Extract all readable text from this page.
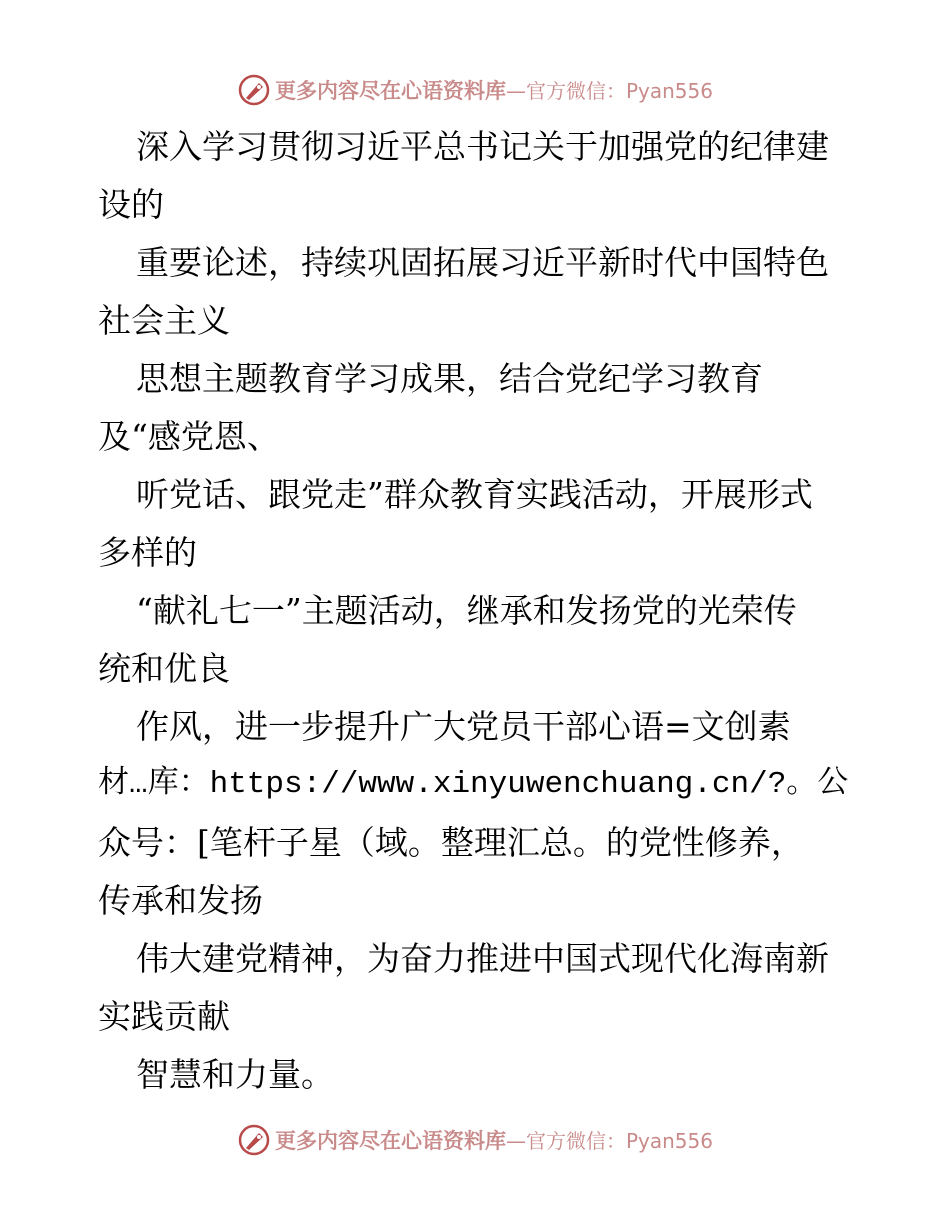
更多内容尽在心语资料库—官方微信：Pyan556
深入学习贯彻习近平总书记关于加强党的纪律建
设的
重要论述，持续巩固拓展习近平新时代中国特色
社会主义
思想主题教育学习成果，结合党纪学习教育
及“感党恩、
听党话、跟党走”群众教育实践活动，开展形式
多样的
“献礼七一”主题活动，继承和发扬党的光荣传
统和优良
作风，进一步提升广大党员干部心语=文创素
材…库：https://www.xinyuwenchuang.cn/?。公
众号：[笔杆子星（域。整理汇总。的党性修养，
传承和发扬
伟大建党精神，为奋力推进中国式现代化海南新
实践贡献
智慧和力量。
更多内容尽在心语资料库—官方微信：Pyan556
